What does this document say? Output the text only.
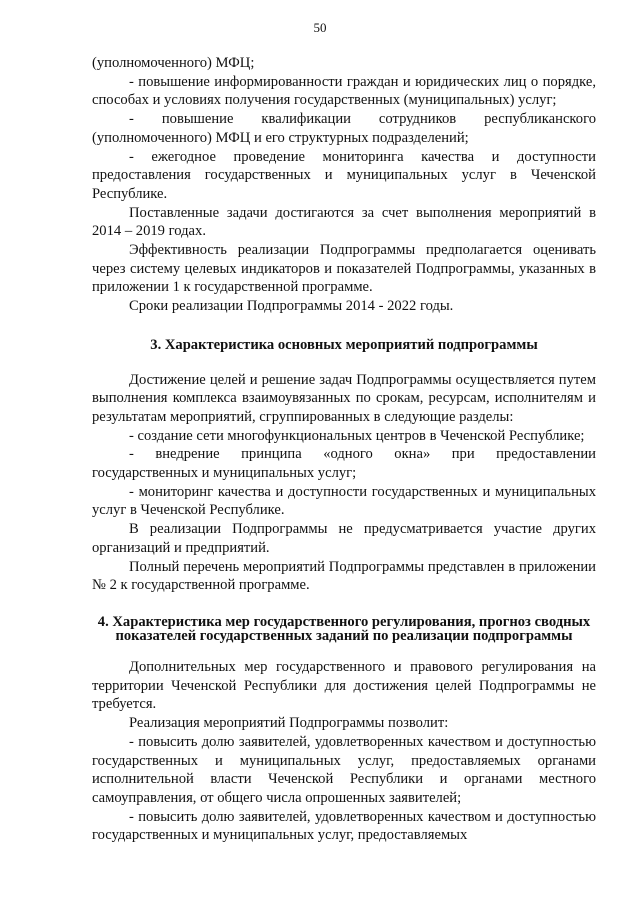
50

(уполномоченного) МФЦ;

- повышение информированности граждан и юридических лиц о порядке, способах и условиях получения государственных (муниципальных) услуг;

- повышение квалификации сотрудников республиканского (уполномоченного) МФЦ и его структурных подразделений;

- ежегодное проведение мониторинга качества и доступности предоставления государственных и муниципальных услуг в Чеченской Республике.

Поставленные задачи достигаются за счет выполнения мероприятий в 2014 – 2019 годах.

Эффективность реализации Подпрограммы предполагается оценивать через систему целевых индикаторов и показателей Подпрограммы, указанных в приложении 1 к государственной программе.

Сроки реализации Подпрограммы 2014 - 2022 годы.

3. Характеристика основных мероприятий подпрограммы

Достижение целей и решение задач Подпрограммы осуществляется путем выполнения комплекса взаимоувязанных по срокам, ресурсам, исполнителям и результатам мероприятий, сгруппированных в следующие разделы:

- создание сети многофункциональных центров в Чеченской Республике;

- внедрение принципа «одного окна» при предоставлении государственных и муниципальных услуг;

- мониторинг качества и доступности государственных и муниципальных услуг в Чеченской Республике.

В реализации Подпрограммы не предусматривается участие других организаций и предприятий.

Полный перечень мероприятий Подпрограммы представлен в приложении № 2 к государственной программе.

4. Характеристика мер государственного регулирования, прогноз сводных показателей государственных заданий по реализации подпрограммы

Дополнительных мер государственного и правового регулирования на территории Чеченской Республики для достижения целей Подпрограммы не требуется.

Реализация мероприятий Подпрограммы позволит:

- повысить долю заявителей, удовлетворенных качеством и доступностью государственных и муниципальных услуг, предоставляемых органами исполнительной власти Чеченской Республики и органами местного самоуправления, от общего числа опрошенных заявителей;

- повысить долю заявителей, удовлетворенных качеством и доступностью государственных и муниципальных услуг, предоставляемых
